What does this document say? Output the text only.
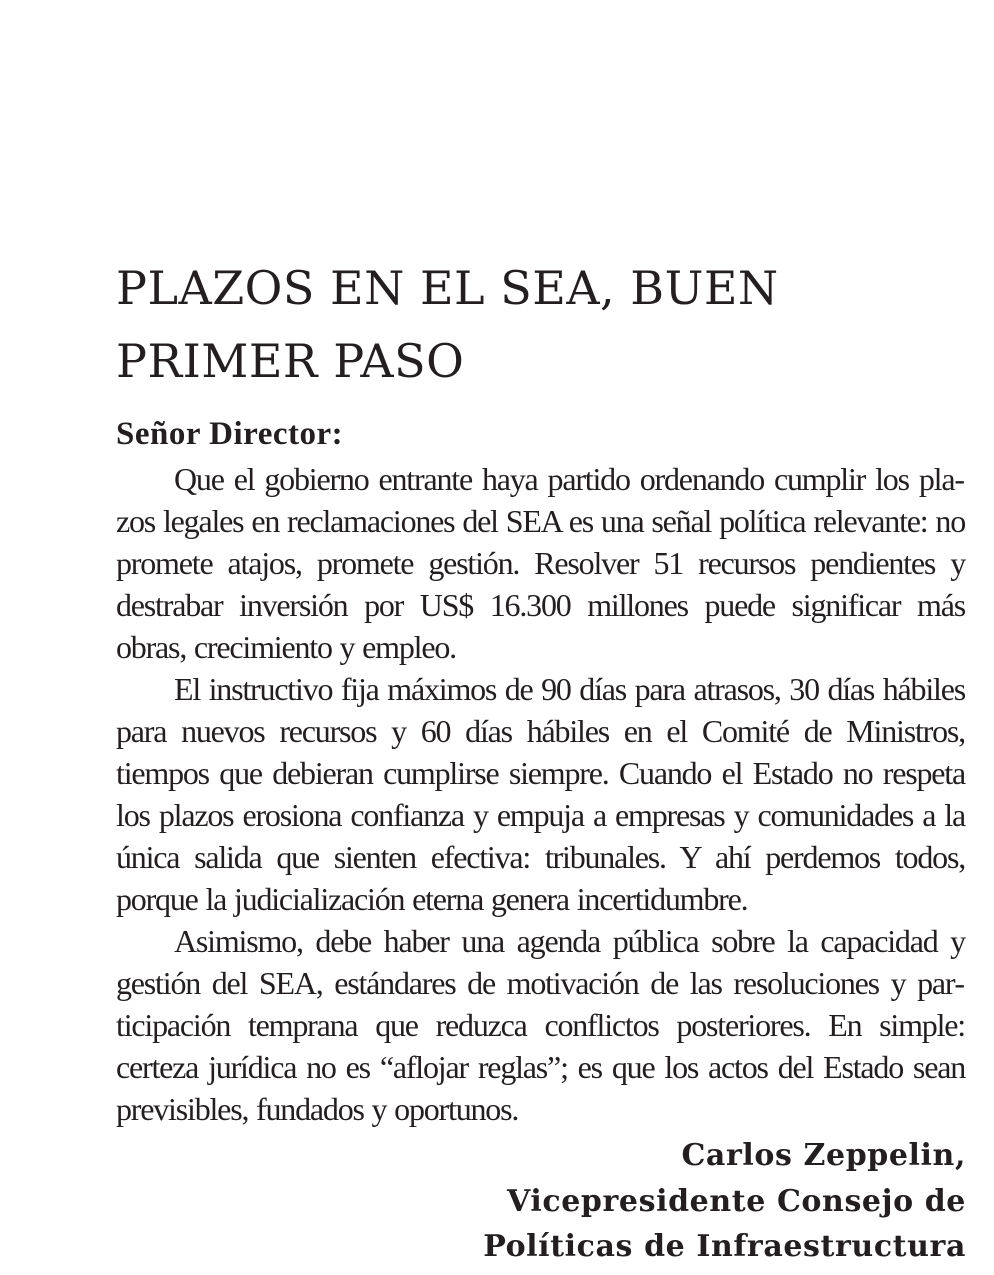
PLAZOS EN EL SEA, BUEN PRIMER PASO
Señor Director:

Que el gobierno entrante haya partido ordenando cumplir los plazos legales en reclamaciones del SEA es una señal política relevante: no promete atajos, promete gestión. Resolver 51 recursos pendientes y destrabar inversión por US$ 16.300 millones puede significar más obras, crecimiento y empleo.

El instructivo fija máximos de 90 días para atrasos, 30 días hábiles para nuevos recursos y 60 días hábiles en el Comité de Ministros, tiempos que debieran cumplirse siempre. Cuando el Estado no respeta los plazos erosiona confianza y empuja a empresas y comunidades a la única salida que sienten efectiva: tribunales. Y ahí perdemos todos, porque la judicialización eterna genera incertidumbre.

Asimismo, debe haber una agenda pública sobre la capacidad y gestión del SEA, estándares de motivación de las resoluciones y participación temprana que reduzca conflictos posteriores. En simple: certeza jurídica no es “aflojar reglas”; es que los actos del Estado sean previsibles, fundados y oportunos.

Carlos Zeppelin,
Vicepresidente Consejo de
Políticas de Infraestructura
